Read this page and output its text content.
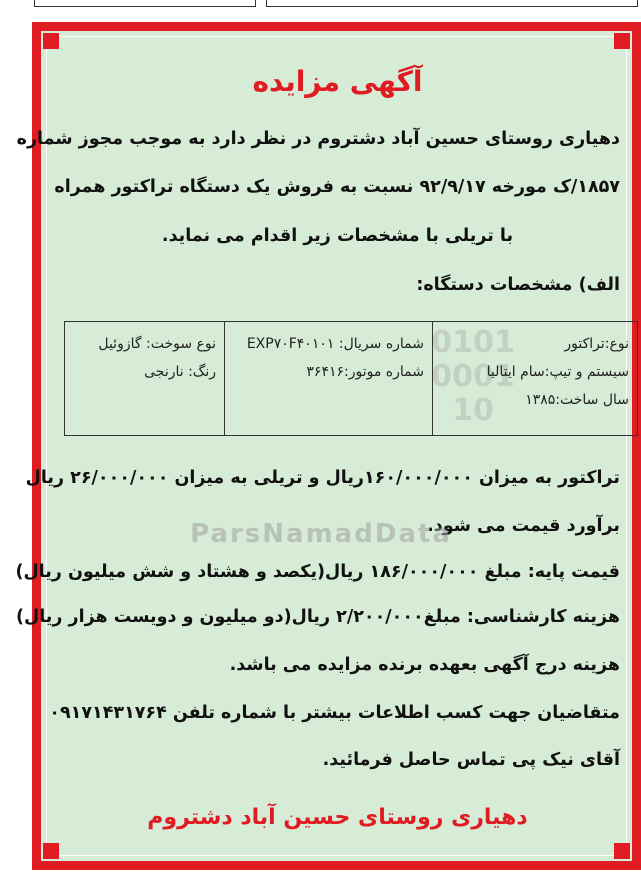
0101
0001
10
آگهی مزایده
دهیاری روستای حسین آباد دشتروم در نظر دارد به موجب مجوز شماره
۱۸۵۷/ک مورخه ۹۲/۹/۱۷ نسبت به فروش یک دستگاه تراکتور همراه
با تریلی با مشخصات زیر اقدام می نماید.
الف) مشخصات دستگاه:
نوع:تراکتور
سیستم و تیپ:سام ایتالیا
سال ساخت:۱۳۸۵
شماره سریال: EXP۷۰F۴۰۱۰۱
شماره موتور:۳۶۴۱۶
نوع سوخت: گازوئیل
رنگ: نارنجی
تراکتور به میزان ۱۶۰/۰۰۰/۰۰۰ریال و تریلی به میزان ۲۶/۰۰۰/۰۰۰ ریال
برآورد قیمت می شود.
قیمت پایه: مبلغ ۱۸۶/۰۰۰/۰۰۰ ریال(یکصد و هشتاد و شش میلیون ریال)
هزینه کارشناسی: مبلغ۲/۲۰۰/۰۰۰ ریال(دو میلیون و دویست هزار ریال)
هزینه درج آگهی بعهده برنده مزایده می باشد.
متقاضیان جهت کسب اطلاعات بیشتر با شماره تلفن ۰۹۱۷۱۴۳۱۷۶۴
آقای نیک پی تماس حاصل فرمائید.
دهیاری روستای حسین آباد دشتروم
ParsNamadData
